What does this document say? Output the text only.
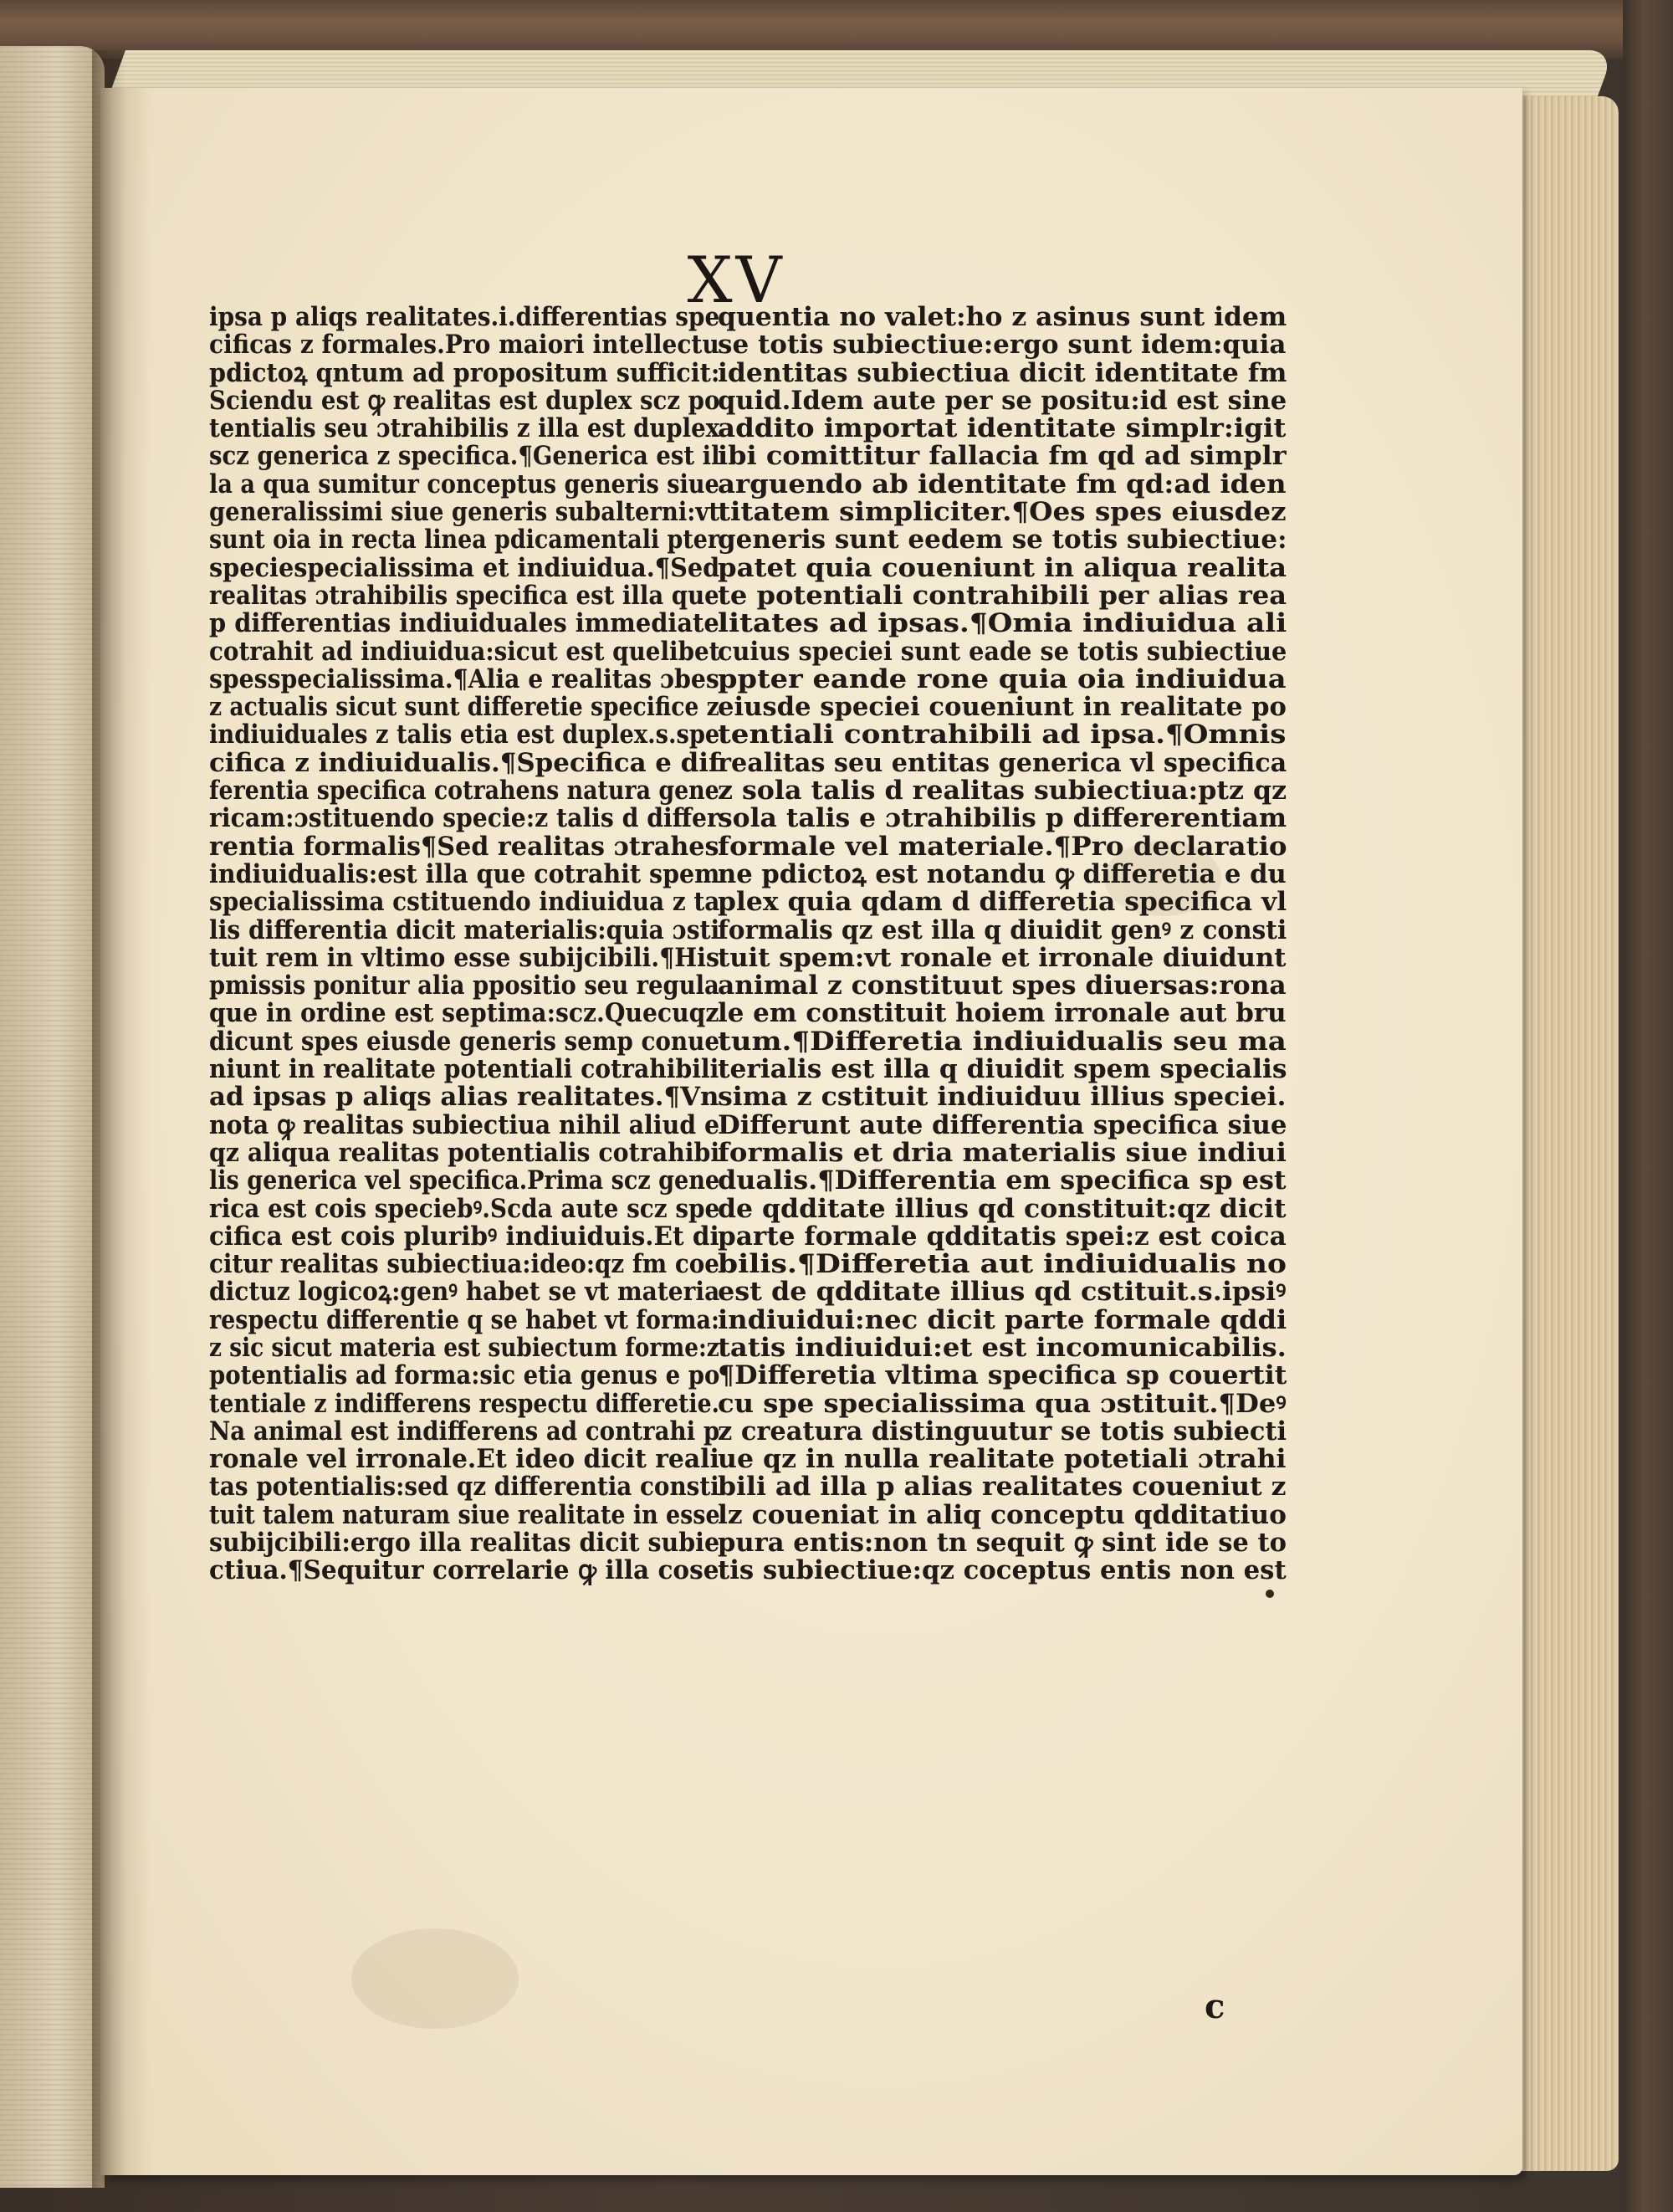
XV
ipsa p aliqs realitates.i.differentias spe
cificas z formales.Pro maiori intellectu
pdictoꝝ qntum ad propositum sufficit:
Sciendu est ꝙ realitas est duplex scz po
tentialis seu ɔtrahibilis z illa est duplex
scz generica z specifica.¶Generica est il
la a qua sumitur conceptus generis siue
generalissimi siue generis subalterni:vt
sunt oia in recta linea pdicamentali pter
speciespecialissima et indiuidua.¶Sed
realitas ɔtrahibilis specifica est illa que
p differentias indiuiduales immediate
cotrahit ad indiuidua:sicut est quelibet
spesspecialissima.¶Alia e realitas ɔbes
z actualis sicut sunt differetie specifice z
indiuiduales z talis etia est duplex.s.spe
cifica z indiuidualis.¶Specifica e dif
ferentia specifica cotrahens natura gene
ricam:ɔstituendo specie:z talis d differ
rentia formalis¶Sed realitas ɔtrahes
indiuidualis:est illa que cotrahit spem
specialissima cstituendo indiuidua z ta
lis differentia dicit materialis:quia ɔsti
tuit rem in vltimo esse subijcibili.¶His
pmissis ponitur alia ppositio seu regula
que in ordine est septima:scz.Quecuqz
dicunt spes eiusde generis semp conue
niunt in realitate potentiali cotrahibili
ad ipsas p aliqs alias realitates.¶Vn
nota ꝙ realitas subiectiua nihil aliud e
qz aliqua realitas potentialis cotrahibi
lis generica vel specifica.Prima scz gene
rica est cois speciebꝰ.Scda aute scz spe
cifica est cois pluribꝰ indiuiduis.Et di
citur realitas subiectiua:ideo:qz fm coe
dictuz logicoꝝ:genꝰ habet se vt materia
respectu differentie q se habet vt forma:
z sic sicut materia est subiectum forme:z
potentialis ad forma:sic etia genus e po
tentiale z indifferens respectu differetie.
Na animal est indifferens ad contrahi p
ronale vel irronale.Et ideo dicit reali
tas potentialis:sed qz differentia consti
tuit talem naturam siue realitate in esse
subijcibili:ergo illa realitas dicit subie
ctiua.¶Sequitur correlarie ꝙ illa cose
quentia no valet:ho z asinus sunt idem
se totis subiectiue:ergo sunt idem:quia
identitas subiectiua dicit identitate fm
quid.Idem aute per se positu:id est sine
addito importat identitate simplr:igit
ibi comittitur fallacia fm qd ad simplr
arguendo ab identitate fm qd:ad iden
titatem simpliciter.¶Oes spes eiusdez
generis sunt eedem se totis subiectiue:
patet quia coueniunt in aliqua realita
te potentiali contrahibili per alias rea
litates ad ipsas.¶Omia indiuidua ali
cuius speciei sunt eade se totis subiectiue
ppter eande rone quia oia indiuidua
eiusde speciei coueniunt in realitate po
tentiali contrahibili ad ipsa.¶Omnis
realitas seu entitas generica vl specifica
z sola talis d realitas subiectiua:ptz qz
sola talis e ɔtrahibilis p differerentiam
formale vel materiale.¶Pro declaratio
ne pdictoꝝ est notandu ꝙ differetia e du
plex quia qdam d differetia specifica vl
formalis qz est illa q diuidit genꝰ z consti
tuit spem:vt ronale et irronale diuidunt
animal z constituut spes diuersas:rona
le em constituit hoiem irronale aut bru
tum.¶Differetia indiuidualis seu ma
terialis est illa q diuidit spem specialis
sima z cstituit indiuiduu illius speciei.
Differunt aute differentia specifica siue
formalis et dria materialis siue indiui
dualis.¶Differentia em specifica sp est
de qdditate illius qd constituit:qz dicit
parte formale qdditatis spei:z est coica
bilis.¶Differetia aut indiuidualis no
est de qdditate illius qd cstituit.s.ipsiꝰ
indiuidui:nec dicit parte formale qddi
tatis indiuidui:et est incomunicabilis.
¶Differetia vltima specifica sp couertit
cu spe specialissima qua ɔstituit.¶Deꝰ
z creatura distinguutur se totis subiecti
ue qz in nulla realitate potetiali ɔtrahi
bili ad illa p alias realitates coueniut z
lz coueniat in aliq conceptu qdditatiuo
pura entis:non tn sequit ꝙ sint ide se to
tis subiectiue:qz coceptus entis non est
c
